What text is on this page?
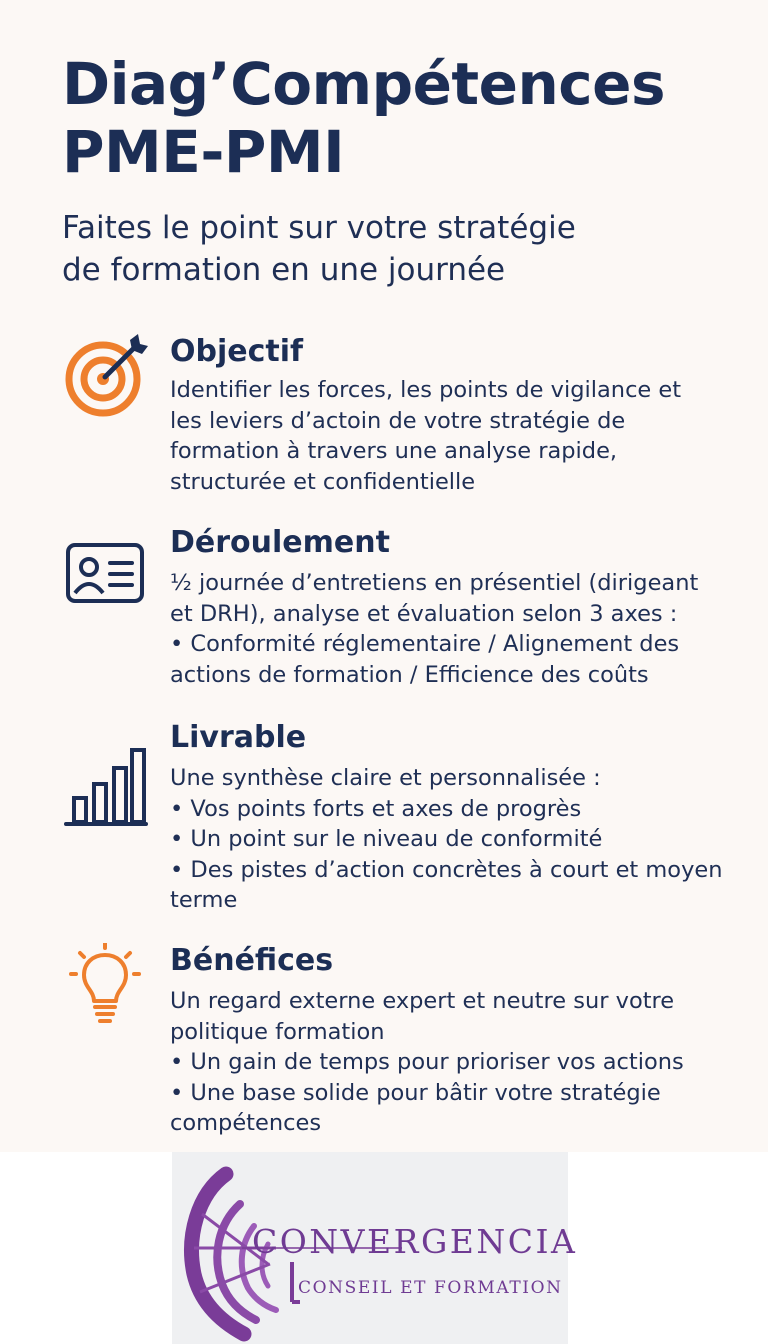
Diag’Compétences
PME-PMI

Faites le point sur votre stratégie
de formation en une journée

Objectif
Identifier les forces, les points de vigilance et
les leviers d’actoin de votre stratégie de
formation à travers une analyse rapide,
structurée et confidentielle
Déroulement
½ journée d’entretiens en présentiel (dirigeant
et DRH), analyse et évaluation selon 3 axes :
• Conformité réglementaire / Alignement des
actions de formation / Efficience des coûts
Livrable
Une synthèse claire et personnalisée :
• Vos points forts et axes de progrès
• Un point sur le niveau de conformité
• Des pistes d’action concrètes à court et moyen
terme
Bénéfices
Un regard externe expert et neutre sur votre
politique formation
• Un gain de temps pour prioriser vos actions
• Une base solide pour bâtir votre stratégie
compétences
CONVERGENCIA
CONSEIL ET FORMATION
